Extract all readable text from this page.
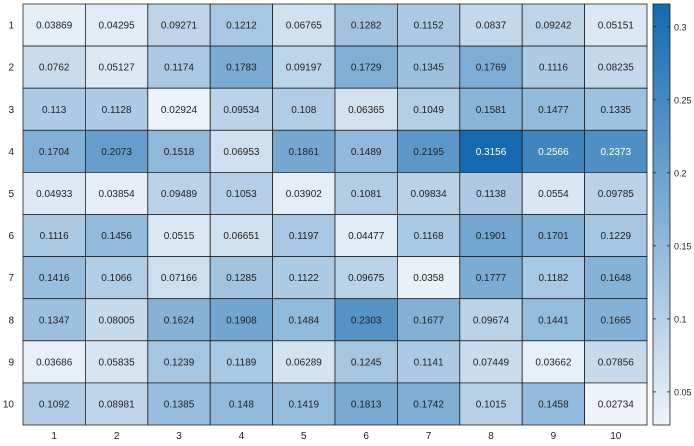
0.03869	0.04295	0.09271	0.1212	0.06765	0.1282	0.1152	0.0837	0.09242	0.05151
0.0762	0.05127	0.1174	0.1783	0.09197	0.1729	0.1345	0.1769	0.1116	0.08235
0.113	0.1128	0.02924	0.09534	0.108	0.06365	0.1049	0.1581	0.1477	0.1335
0.1704	0.2073	0.1518	0.06953	0.1861	0.1489	0.2195	0.3156	0.2566	0.2373
0.04933	0.03854	0.09489	0.1053	0.03902	0.1081	0.09834	0.1138	0.0554	0.09785
0.1116	0.1456	0.0515	0.06651	0.1197	0.04477	0.1168	0.1901	0.1701	0.1229
0.1416	0.1066	0.07166	0.1285	0.1122	0.09675	0.0358	0.1777	0.1182	0.1648
0.1347	0.08005	0.1624	0.1908	0.1484	0.2303	0.1677	0.09674	0.1441	0.1665
0.03686	0.05835	0.1239	0.1189	0.06289	0.1245	0.1141	0.07449	0.03662	0.07856
0.1092	0.08981	0.1385	0.148	0.1419	0.1813	0.1742	0.1015	0.1458	0.02734
1
2
3
4
5
6
7
8
9
10
1	2	3	4	5	6	7	8	9	10
0.05
0.1
0.15
0.2
0.25
0.3
